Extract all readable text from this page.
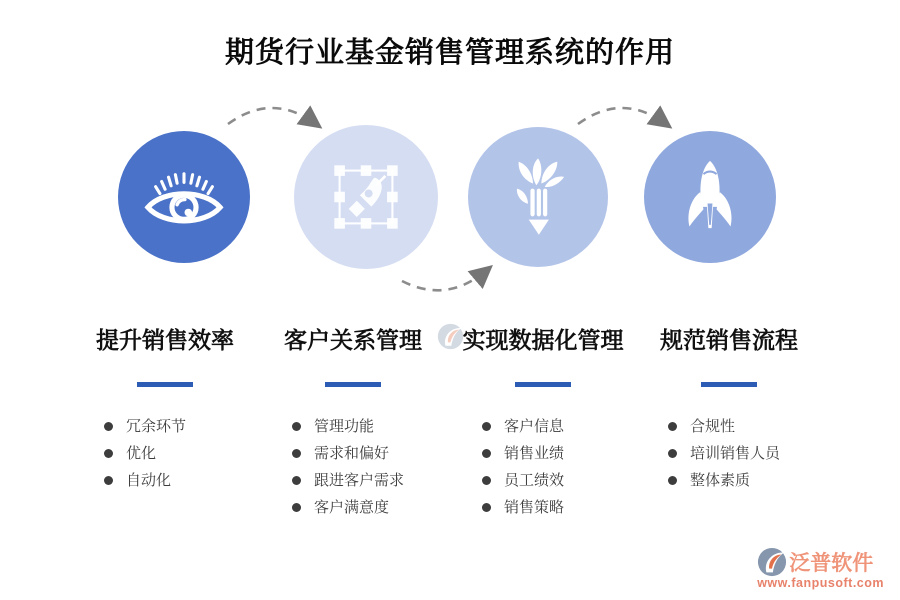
期货行业基金销售管理系统的作用
提升销售效率
冗余环节
优化
自动化
客户关系管理
管理功能
需求和偏好
跟进客户需求
客户满意度
实现数据化管理
客户信息
销售业绩
员工绩效
销售策略
规范销售流程
合规性
培训销售人员
整体素质
泛普软件
www.fanpusoft.com
